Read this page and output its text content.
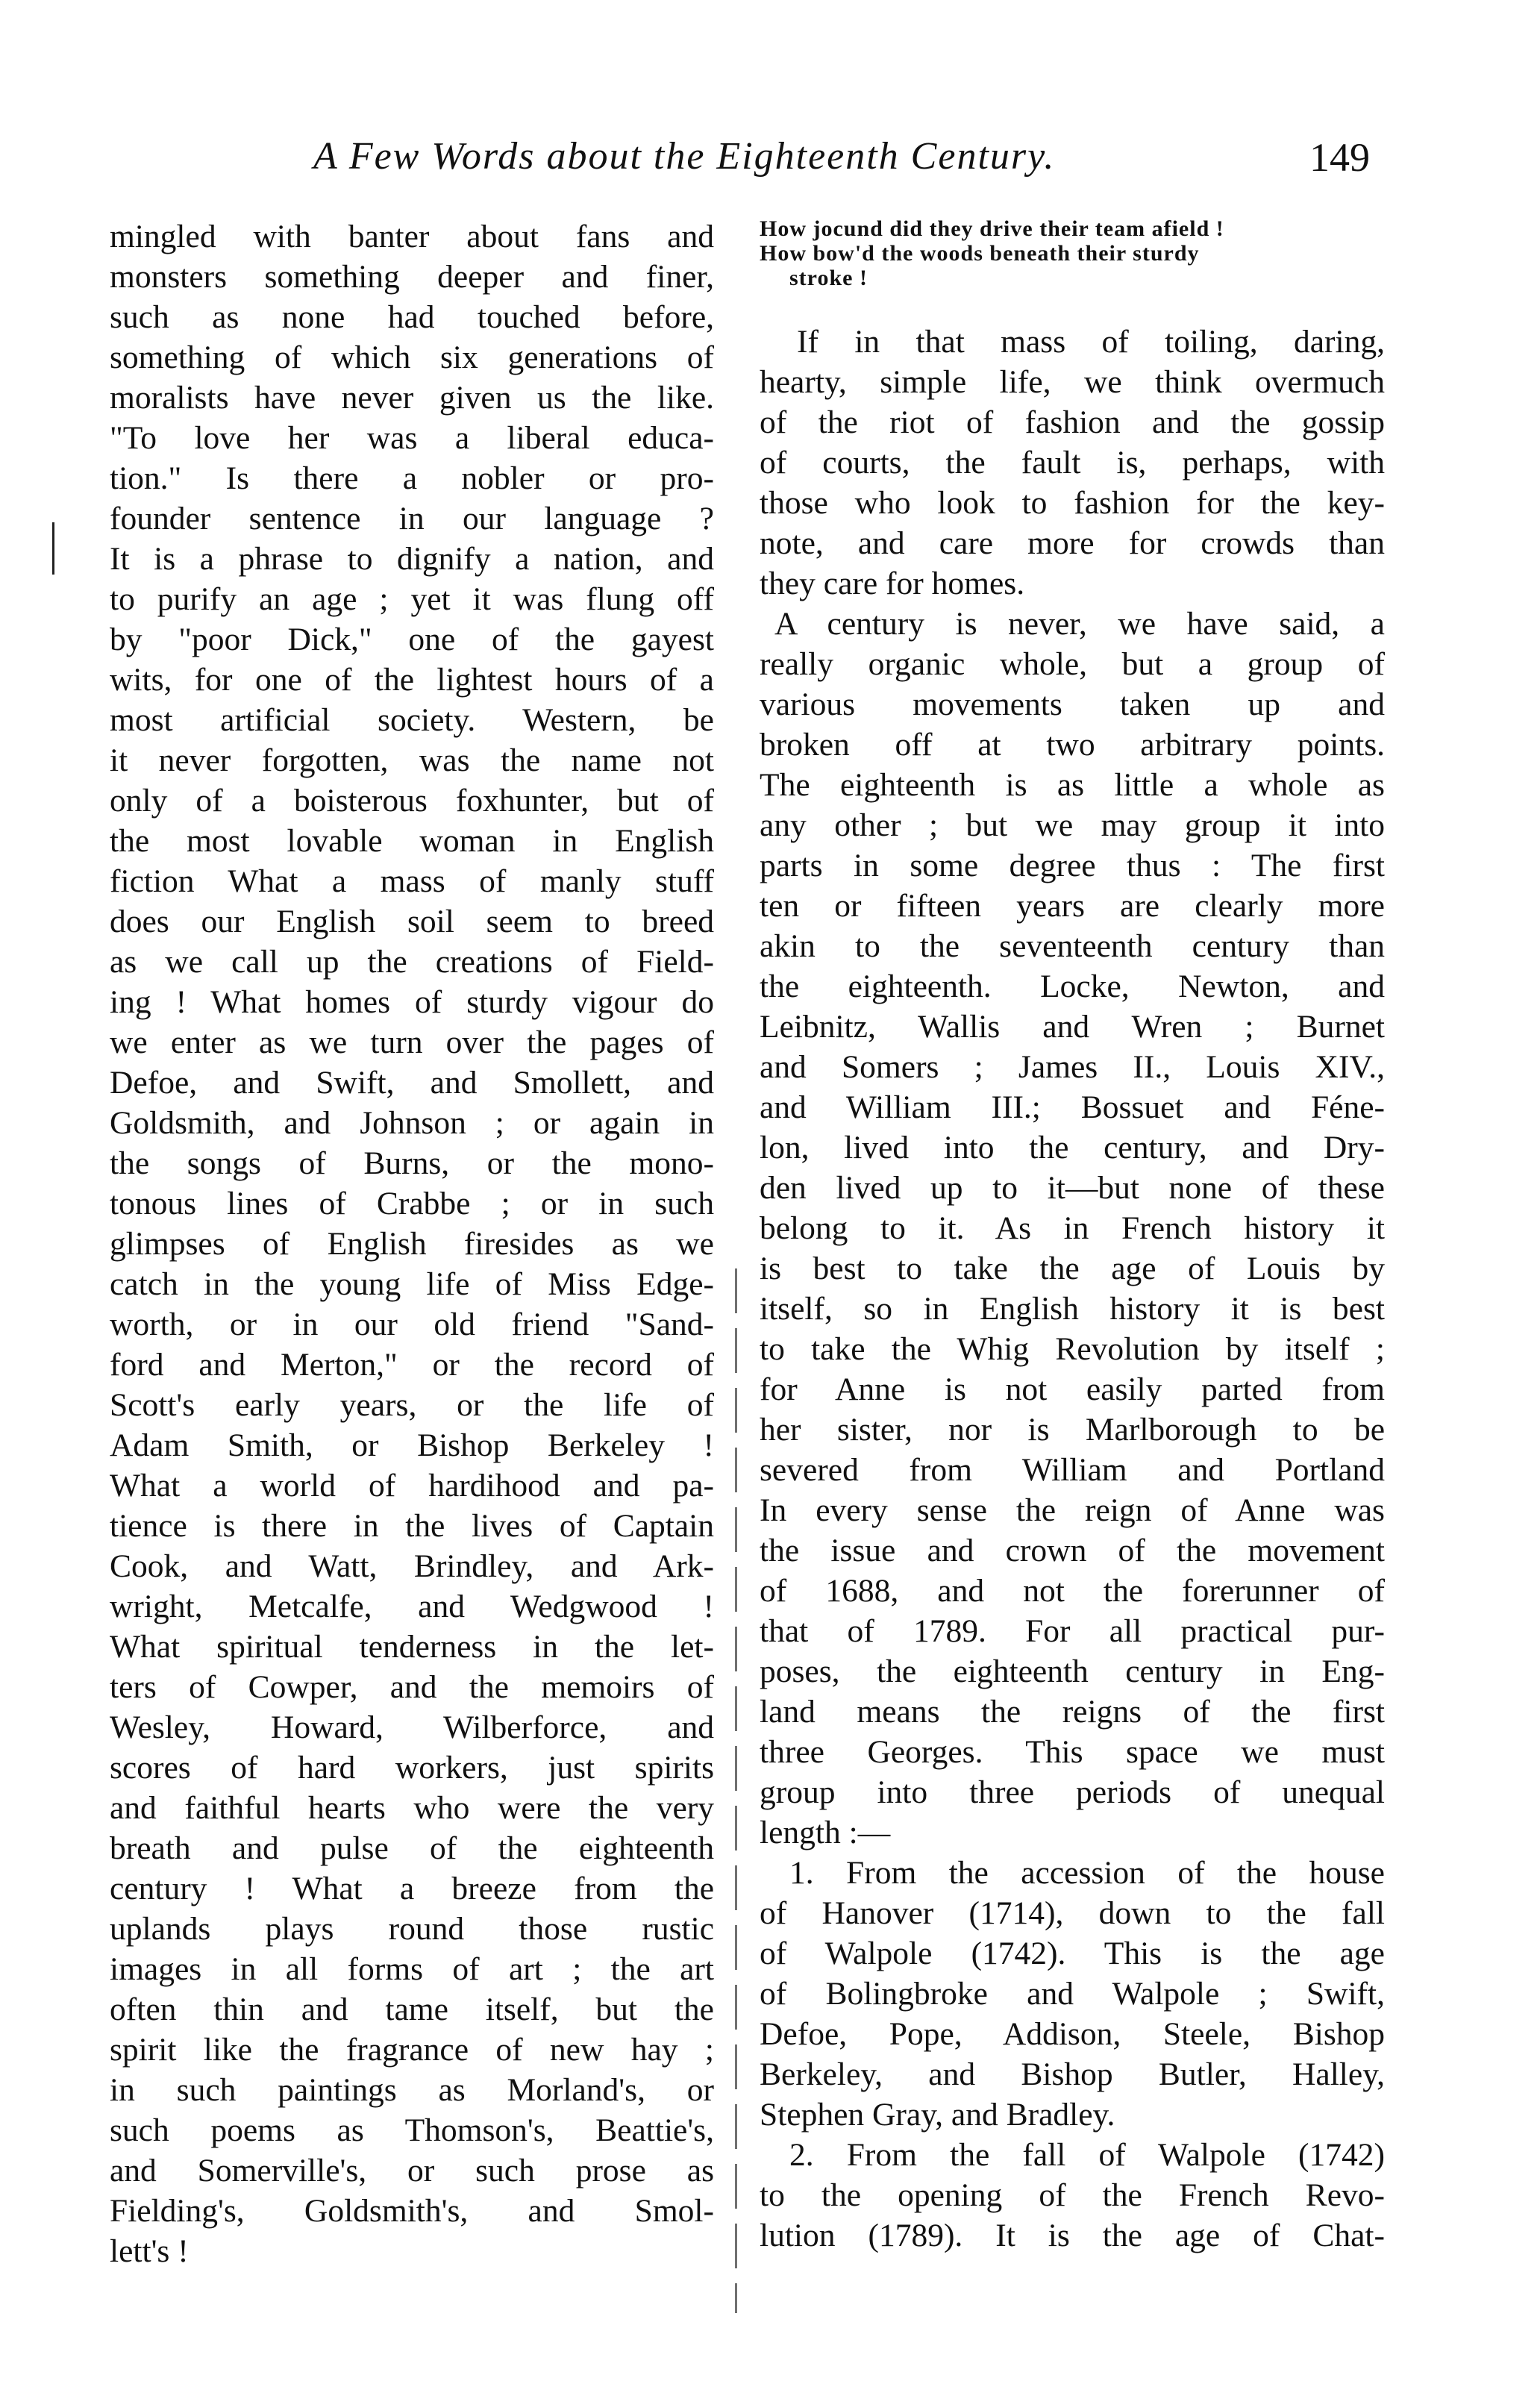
A Few Words about the Eighteenth Century.	149
mingled with banter about fans and
monsters something deeper and finer,
such as none had touched before,
something of which six generations of
moralists have never given us the like.
"To love her was a liberal educa-
tion." Is there a nobler or pro-
founder sentence in our language ?
It is a phrase to dignify a nation, and
to purify an age ; yet it was flung off
by "poor Dick," one of the gayest
wits, for one of the lightest hours of a
most artificial society. Western, be
it never forgotten, was the name not
only of a boisterous foxhunter, but of
the most lovable woman in English
fiction What a mass of manly stuff
does our English soil seem to breed
as we call up the creations of Field-
ing ! What homes of sturdy vigour do
we enter as we turn over the pages of
Defoe, and Swift, and Smollett, and
Goldsmith, and Johnson ; or again in
the songs of Burns, or the mono-
tonous lines of Crabbe ; or in such
glimpses of English firesides as we
catch in the young life of Miss Edge-
worth, or in our old friend "Sand-
ford and Merton," or the record of
Scott's early years, or the life of
Adam Smith, or Bishop Berkeley !
What a world of hardihood and pa-
tience is there in the lives of Captain
Cook, and Watt, Brindley, and Ark-
wright, Metcalfe, and Wedgwood !
What spiritual tenderness in the let-
ters of Cowper, and the memoirs of
Wesley, Howard, Wilberforce, and
scores of hard workers, just spirits
and faithful hearts who were the very
breath and pulse of the eighteenth
century ! What a breeze from the
uplands plays round those rustic
images in all forms of art ; the art
often thin and tame itself, but the
spirit like the fragrance of new hay ;
in such paintings as Morland's, or
such poems as Thomson's, Beattie's,
and Somerville's, or such prose as
Fielding's, Goldsmith's, and Smol-
lett's !
How jocund did they drive their team afield !
How bow'd the woods beneath their sturdy
stroke !
If in that mass of toiling, daring,
hearty, simple life, we think overmuch
of the riot of fashion and the gossip
of courts, the fault is, perhaps, with
those who look to fashion for the key-
note, and care more for crowds than
they care for homes.
A century is never, we have said, a
really organic whole, but a group of
various movements taken up and
broken off at two arbitrary points.
The eighteenth is as little a whole as
any other ; but we may group it into
parts in some degree thus : The first
ten or fifteen years are clearly more
akin to the seventeenth century than
the eighteenth. Locke, Newton, and
Leibnitz, Wallis and Wren ; Burnet
and Somers ; James II., Louis XIV.,
and William III.; Bossuet and Féne-
lon, lived into the century, and Dry-
den lived up to it—but none of these
belong to it. As in French history it
is best to take the age of Louis by
itself, so in English history it is best
to take the Whig Revolution by itself ;
for Anne is not easily parted from
her sister, nor is Marlborough to be
severed from William and Portland
In every sense the reign of Anne was
the issue and crown of the movement
of 1688, and not the forerunner of
that of 1789. For all practical pur-
poses, the eighteenth century in Eng-
land means the reigns of the first
three Georges. This space we must
group into three periods of unequal
length :—
1. From the accession of the house
of Hanover (1714), down to the fall
of Walpole (1742). This is the age
of Bolingbroke and Walpole ; Swift,
Defoe, Pope, Addison, Steele, Bishop
Berkeley, and Bishop Butler, Halley,
Stephen Gray, and Bradley.
2. From the fall of Walpole (1742)
to the opening of the French Revo-
lution (1789). It is the age of Chat-
